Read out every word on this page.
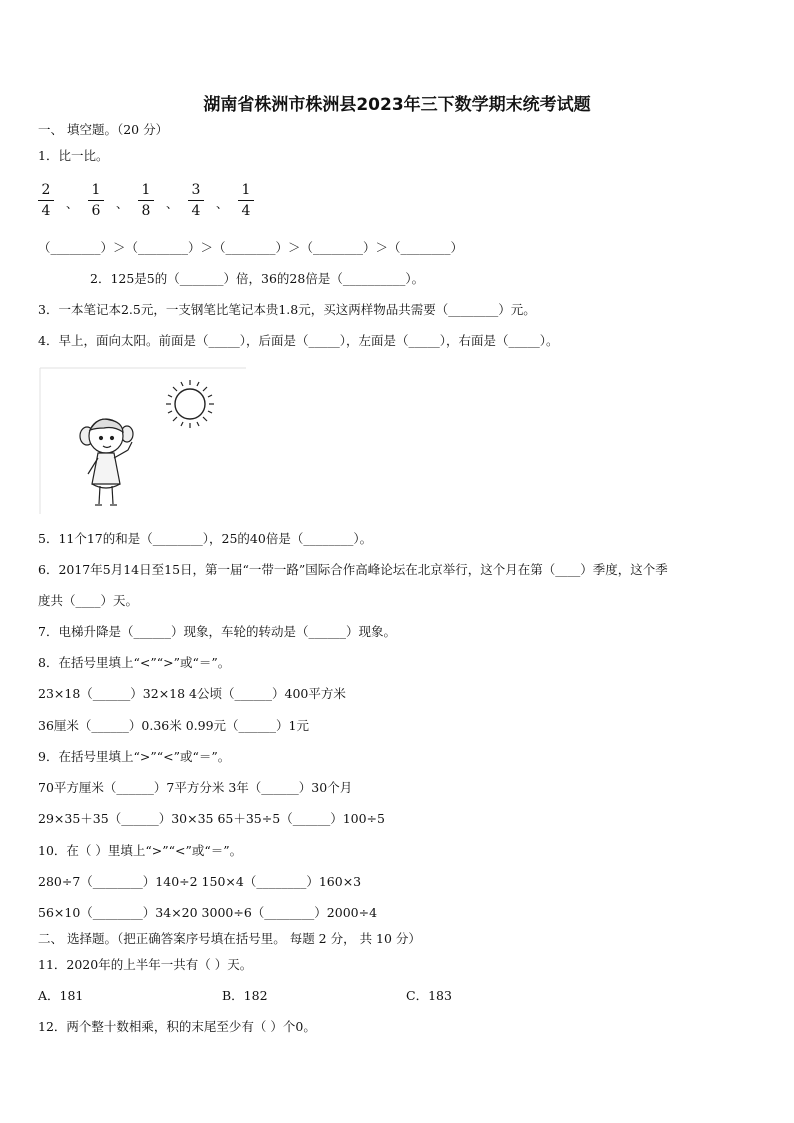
湖南省株洲市株洲县2023年三下数学期末统考试题
一、 填空题。（20 分）
1．比一比。
2
4 、
1
6 、
1
8 、
3
4 、
1
4
（________）＞（________）＞（________）＞（________）＞（________）
2．125是5的（_______）倍，36的28倍是（__________）。
3．一本笔记本2.5元，一支钢笔比笔记本贵1.8元，买这两样物品共需要（________）元。
4．早上，面向太阳。前面是（_____），后面是（_____），左面是（_____），右面是（_____）。
5．11个17的和是（________），25的40倍是（________）。
6．2017年5月14日至15日，第一届“一带一路”国际合作高峰论坛在北京举行，这个月在第（____）季度，这个季
度共（____）天。
7．电梯升降是（______）现象，车轮的转动是（______）现象。
8．在括号里填上“<”“>”或“＝”。
23×18（______）32×18 4公顷（______）400平方米
36厘米（______）0.36米 0.99元（______）1元
9．在括号里填上“>”“<”或“＝”。
70平方厘米（______）7平方分米 3年（______）30个月
29×35＋35（______）30×35 65＋35÷5（______）100÷5
10．在（ ）里填上“>”“<”或“＝”。
280÷7（________）140÷2 150×4（________）160×3
56×10（________）34×20 3000÷6（________）2000÷4
二、 选择题。（把正确答案序号填在括号里。 每题 2 分， 共 10 分）
11．2020年的上半年一共有（ ）天。
A．181	B．182	C．183
12．两个整十数相乘，积的末尾至少有（ ）个0。
